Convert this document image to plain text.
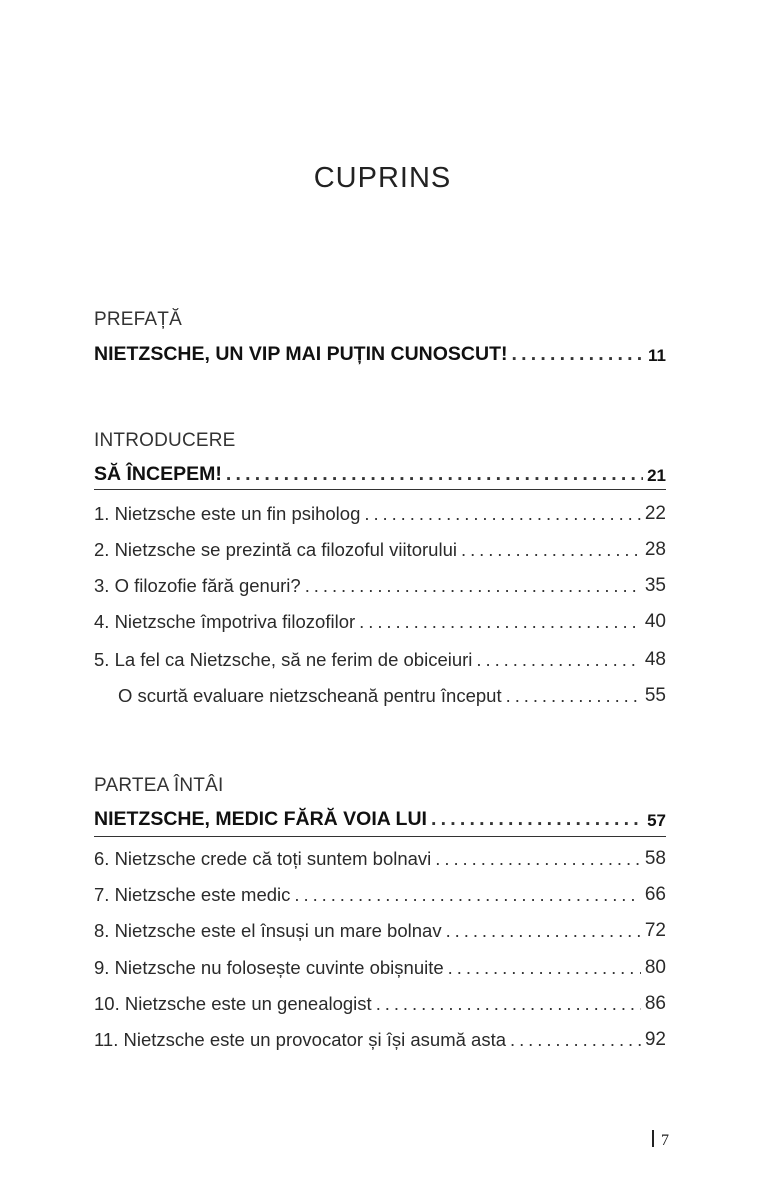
CUPRINS
PREFAȚĂ
NIETZSCHE, UN VIP MAI PUȚIN CUNOSCUT! . . .	11
INTRODUCERE
SĂ ÎNCEPEM! . . .	21
1. Nietzsche este un fin psiholog . . .	22
2. Nietzsche se prezintă ca filozoful viitorului . . .	28
3. O filozofie fără genuri? . . .	35
4. Nietzsche împotriva filozofilor . . .	40
5. La fel ca Nietzsche, să ne ferim de obiceiuri . . .	48
O scurtă evaluare nietzscheană pentru început . . .	55
PARTEA ÎNTÂI
NIETZSCHE, MEDIC FĂRĂ VOIA LUI . . .	57
6. Nietzsche crede că toți suntem bolnavi . . .	58
7. Nietzsche este medic . . .	66
8. Nietzsche este el însuși un mare bolnav . . .	72
9. Nietzsche nu folosește cuvinte obișnuite . . .	80
10. Nietzsche este un genealogist . . .	86
11. Nietzsche este un provocator și își asumă asta . . .	92
7
